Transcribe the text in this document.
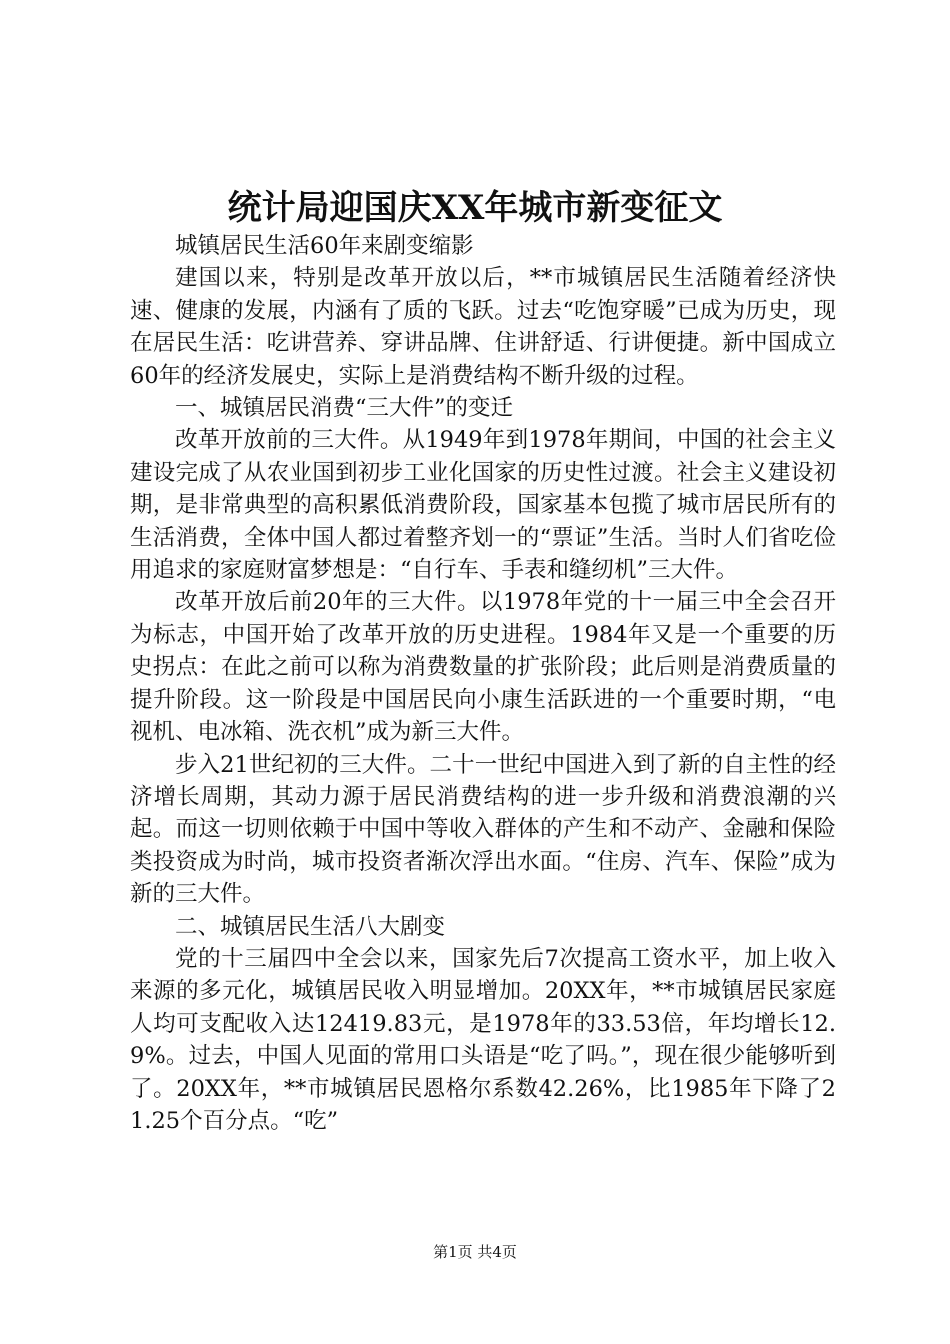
统计局迎国庆XX年城市新变征文

城镇居民生活60年来剧变缩影

建国以来，特别是改革开放以后，**市城镇居民生活随着经济快速、健康的发展，内涵有了质的飞跃。过去“吃饱穿暖”已成为历史，现在居民生活：吃讲营养、穿讲品牌、住讲舒适、行讲便捷。新中国成立60年的经济发展史，实际上是消费结构不断升级的过程。

一、城镇居民消费“三大件”的变迁

改革开放前的三大件。从1949年到1978年期间，中国的社会主义建设完成了从农业国到初步工业化国家的历史性过渡。社会主义建设初期，是非常典型的高积累低消费阶段，国家基本包揽了城市居民所有的生活消费，全体中国人都过着整齐划一的“票证”生活。当时人们省吃俭用追求的家庭财富梦想是：“自行车、手表和缝纫机”三大件。

改革开放后前20年的三大件。以1978年党的十一届三中全会召开为标志，中国开始了改革开放的历史进程。1984年又是一个重要的历史拐点：在此之前可以称为消费数量的扩张阶段；此后则是消费质量的提升阶段。这一阶段是中国居民向小康生活跃进的一个重要时期，“电视机、电冰箱、洗衣机”成为新三大件。

步入21世纪初的三大件。二十一世纪中国进入到了新的自主性的经济增长周期，其动力源于居民消费结构的进一步升级和消费浪潮的兴起。而这一切则依赖于中国中等收入群体的产生和不动产、金融和保险类投资成为时尚，城市投资者渐次浮出水面。“住房、汽车、保险”成为新的三大件。

二、城镇居民生活八大剧变

党的十三届四中全会以来，国家先后7次提高工资水平，加上收入来源的多元化，城镇居民收入明显增加。20XX年，**市城镇居民家庭人均可支配收入达12419.83元，是1978年的33.53倍，年均增长12.9%。过去，中国人见面的常用口头语是“吃了吗。”，现在很少能够听到了。20XX年，**市城镇居民恩格尔系数42.26%，比1985年下降了21.25个百分点。“吃”

第1页 共4页
